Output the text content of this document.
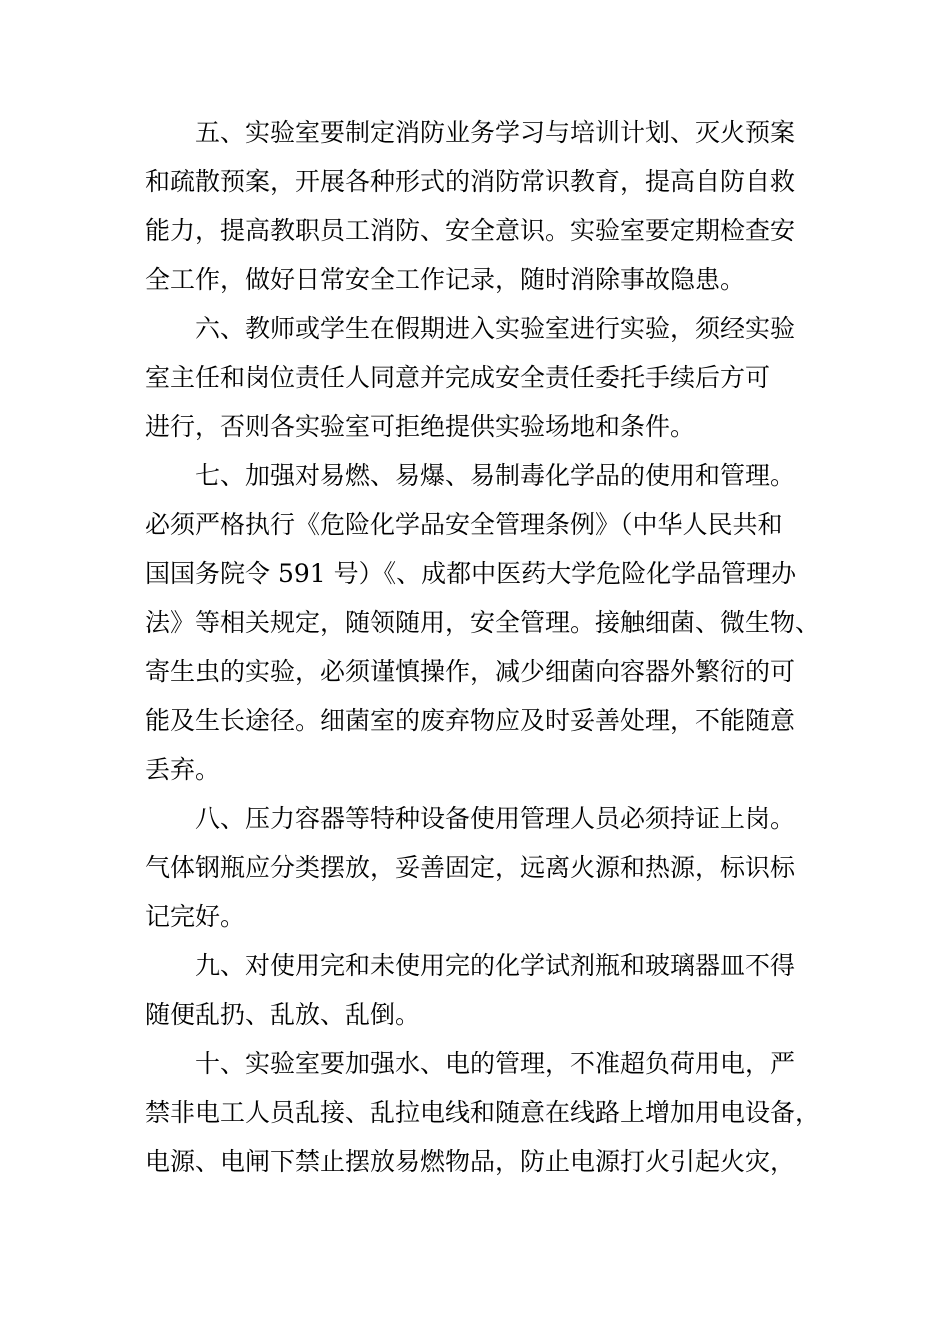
　　五、实验室要制定消防业务学习与培训计划、灭火预案
和疏散预案，开展各种形式的消防常识教育，提高自防自救
能力，提高教职员工消防、安全意识。实验室要定期检查安
全工作，做好日常安全工作记录，随时消除事故隐患。
　　六、教师或学生在假期进入实验室进行实验，须经实验
室主任和岗位责任人同意并完成安全责任委托手续后方可
进行，否则各实验室可拒绝提供实验场地和条件。
　　七、加强对易燃、易爆、易制毒化学品的使用和管理。
必须严格执行《危险化学品安全管理条例》（中华人民共和
国国务院令 591 号）《、成都中医药大学危险化学品管理办
法》等相关规定，随领随用，安全管理。接触细菌、微生物、
寄生虫的实验，必须谨慎操作，减少细菌向容器外繁衍的可
能及生长途径。细菌室的废弃物应及时妥善处理，不能随意
丢弃。
　　八、压力容器等特种设备使用管理人员必须持证上岗。
气体钢瓶应分类摆放，妥善固定，远离火源和热源，标识标
记完好。
　　九、对使用完和未使用完的化学试剂瓶和玻璃器皿不得
随便乱扔、乱放、乱倒。
　　十、实验室要加强水、电的管理，不准超负荷用电，严
禁非电工人员乱接、乱拉电线和随意在线路上增加用电设备，
电源、电闸下禁止摆放易燃物品，防止电源打火引起火灾，
